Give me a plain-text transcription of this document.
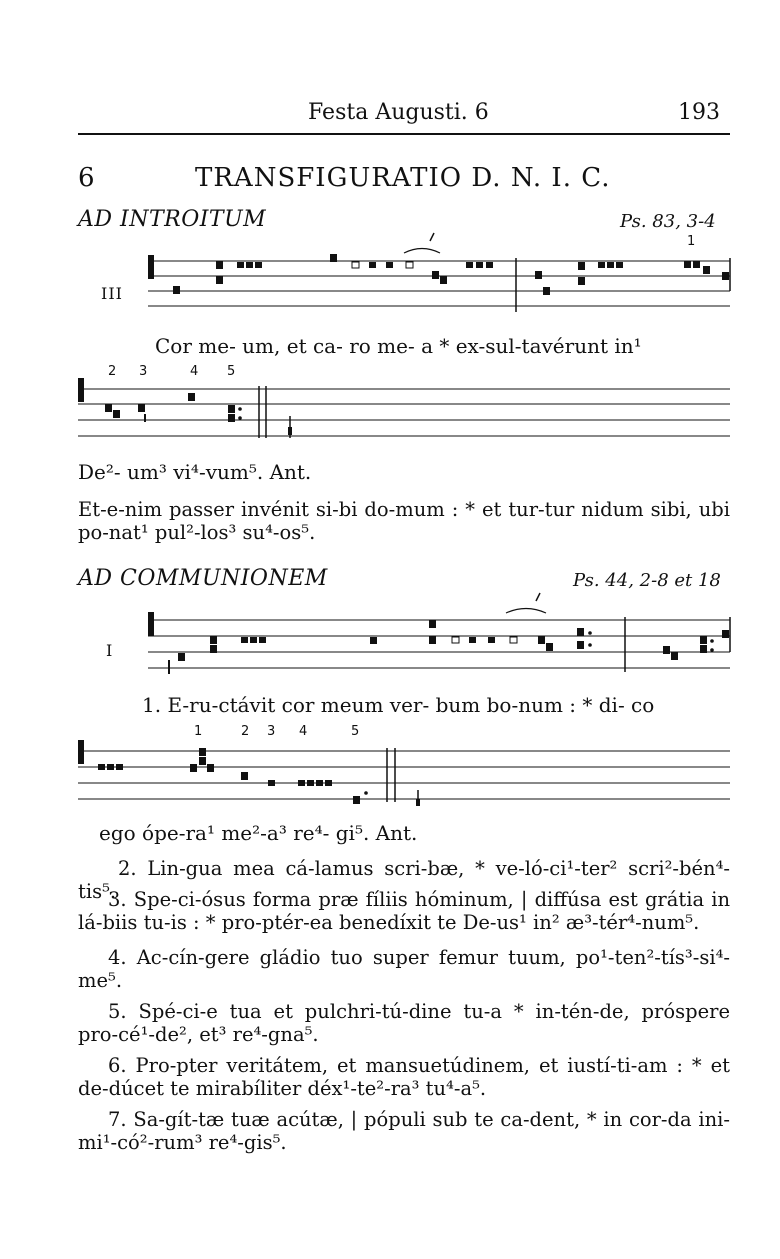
Festa Augusti. 6	193
6	TRANSFIGURATIO D. N. I. C.
AD INTROITUM	Ps. 83, 3-4
III
1
Cor me- um, et ca- ro me- a * ex-sul-tavérunt in¹
2 3	4 5
De²- um³ vi⁴-vum⁵. Ant.
Et-e-nim passer invénit si-bi do-mum : * et tur-tur nidum sibi, ubi po-nat¹ pul²-los³ su⁴-os⁵.
AD COMMUNIONEM	Ps. 44, 2-8 et 18
I
1. E-ru-ctávit cor meum ver- bum bo-num : * di- co
1	2 3 4	5
ego ópe-ra¹ me²-a³ re⁴- gi⁵. Ant.
2. Lin-gua mea cá-lamus scri-bæ, * ve-ló-ci¹-ter² scri²-bén⁴-tis⁵.
3. Spe-ci-ósus forma præ fíliis hóminum, | diffúsa est grátia in lá-biis tu-is : * pro-ptér-ea benedíxit te De-us¹ in² æ³-tér⁴-num⁵.
4. Ac-cín-gere gládio tuo super femur tuum, po¹-ten²-tís³-si⁴-me⁵.
5. Spé-ci-e tua et pulchri-tú-dine tu-a * in-tén-de, próspere pro-cé¹-de², et³ re⁴-gna⁵.
6. Pro-pter veritátem, et mansuetúdinem, et iustí-ti-am : * et de-dúcet te mirabíliter déx¹-te²-ra³ tu⁴-a⁵.
7. Sa-gít-tæ tuæ acútæ, | pópuli sub te ca-dent, * in cor-da ini-mi¹-có²-rum³ re⁴-gis⁵.
